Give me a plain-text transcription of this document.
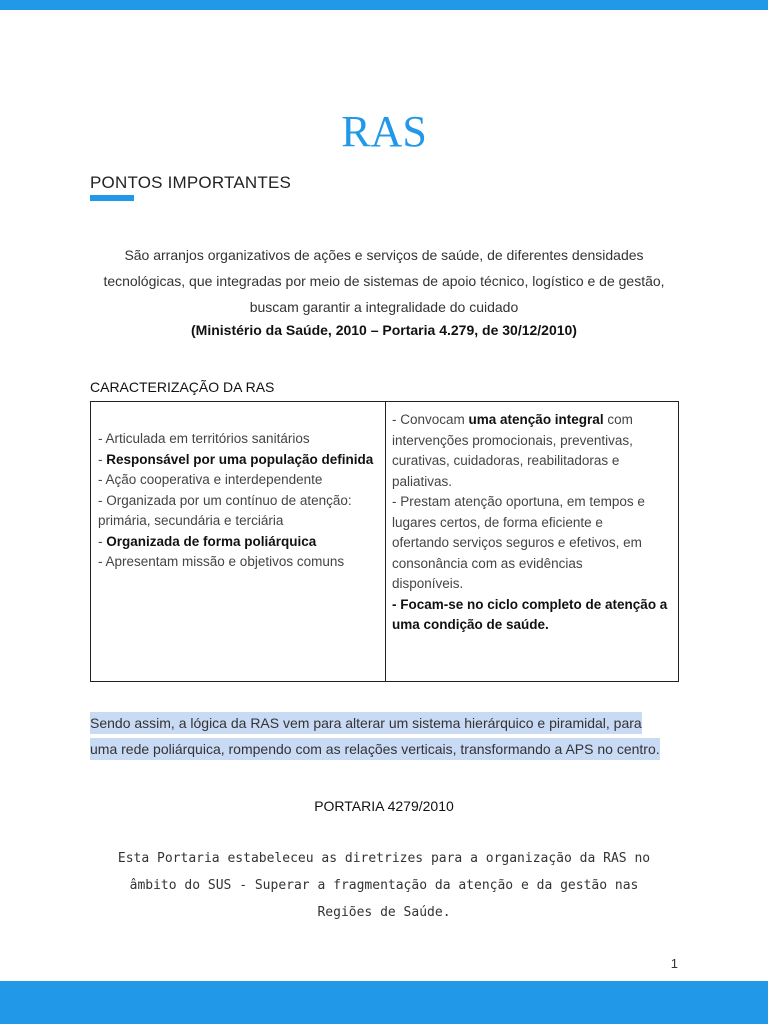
RAS
PONTOS IMPORTANTES

São arranjos organizativos de ações e serviços de saúde, de diferentes densidades
tecnológicas, que integradas por meio de sistemas de apoio técnico, logístico e de gestão,
buscam garantir a integralidade do cuidado

(Ministério da Saúde, 2010 – Portaria 4.279, de 30/12/2010)

CARACTERIZAÇÃO DA RAS
- Articulada em territórios sanitários
- Responsável por uma população definida
- Ação cooperativa e interdependente
- Organizada por um contínuo de atenção:
primária, secundária e terciária
- Organizada de forma poliárquica
- Apresentam missão e objetivos comuns

- Convocam uma atenção integral com
intervenções promocionais, preventivas,
curativas, cuidadoras, reabilitadoras e
paliativas.
- Prestam atenção oportuna, em tempos e
lugares certos, de forma eficiente e
ofertando serviços seguros e efetivos, em
consonância com as evidências
disponíveis.
- Focam-se no ciclo completo de atenção a
uma condição de saúde.

Sendo assim, a lógica da RAS vem para alterar um sistema hierárquico e piramidal, para
uma rede poliárquica, rompendo com as relações verticais, transformando a APS no centro.

PORTARIA 4279/2010

Esta Portaria estabeleceu as diretrizes para a organização da RAS no
âmbito do SUS - Superar a fragmentação da atenção e da gestão nas
Regiões de Saúde.

1
